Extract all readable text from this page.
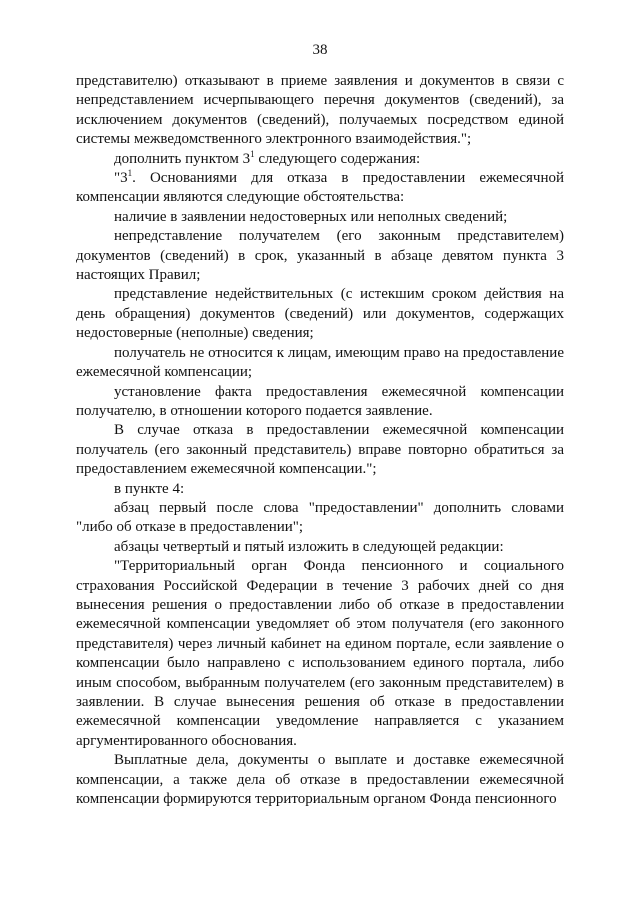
38

представителю) отказывают в приеме заявления и документов в связи с непредставлением исчерпывающего перечня документов (сведений), за исключением документов (сведений), получаемых посредством единой системы межведомственного электронного взаимодействия.";

дополнить пунктом $3^1$ следующего содержания:

"$3^1$. Основаниями для отказа в предоставлении ежемесячной компенсации являются следующие обстоятельства:

наличие в заявлении недостоверных или неполных сведений;

непредставление получателем (его законным представителем) документов (сведений) в срок, указанный в абзаце девятом пункта 3 настоящих Правил;

представление недействительных (с истекшим сроком действия на день обращения) документов (сведений) или документов, содержащих недостоверные (неполные) сведения;

получатель не относится к лицам, имеющим право на предоставление ежемесячной компенсации;

установление факта предоставления ежемесячной компенсации получателю, в отношении которого подается заявление.

В случае отказа в предоставлении ежемесячной компенсации получатель (его законный представитель) вправе повторно обратиться за предоставлением ежемесячной компенсации.";

в пункте 4:

абзац первый после слова "предоставлении" дополнить словами "либо об отказе в предоставлении";

абзацы четвертый и пятый изложить в следующей редакции:

"Территориальный орган Фонда пенсионного и социального страхования Российской Федерации в течение 3 рабочих дней со дня вынесения решения о предоставлении либо об отказе в предоставлении ежемесячной компенсации уведомляет об этом получателя (его законного представителя) через личный кабинет на едином портале, если заявление о компенсации было направлено с использованием единого портала, либо иным способом, выбранным получателем (его законным представителем) в заявлении. В случае вынесения решения об отказе в предоставлении ежемесячной компенсации уведомление направляется с указанием аргументированного обоснования.

Выплатные дела, документы о выплате и доставке ежемесячной компенсации, а также дела об отказе в предоставлении ежемесячной компенсации формируются территориальным органом Фонда пенсионного
